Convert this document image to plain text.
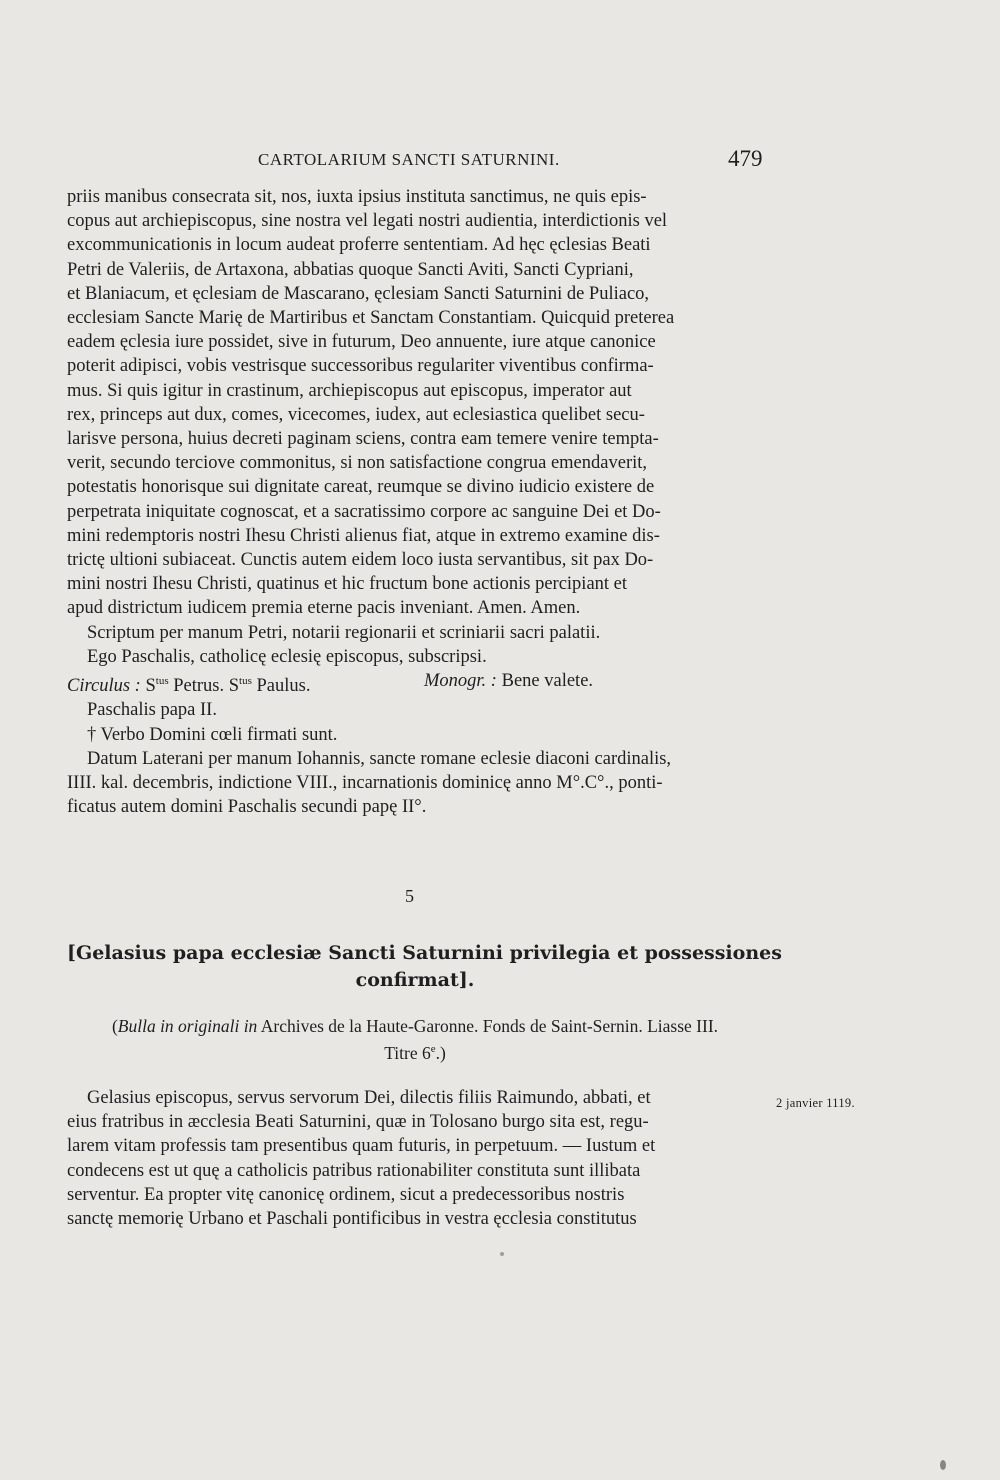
CARTOLARIUM SANCTI SATURNINI.	479
priis manibus consecrata sit, nos, iuxta ipsius instituta sanctimus, ne quis epis-
copus aut archiepiscopus, sine nostra vel legati nostri audientia, interdictionis vel
excommunicationis in locum audeat proferre sententiam. Ad hęc ęclesias Beati
Petri de Valeriis, de Artaxona, abbatias quoque Sancti Aviti, Sancti Cypriani,
et Blaniacum, et ęclesiam de Mascarano, ęclesiam Sancti Saturnini de Puliaco,
ecclesiam Sancte Marię de Martiribus et Sanctam Constantiam. Quicquid preterea
eadem ęclesia iure possidet, sive in futurum, Deo annuente, iure atque canonice
poterit adipisci, vobis vestrisque successoribus regulariter viventibus confirma-
mus. Si quis igitur in crastinum, archiepiscopus aut episcopus, imperator aut
rex, princeps aut dux, comes, vicecomes, iudex, aut eclesiastica quelibet secu-
larisve persona, huius decreti paginam sciens, contra eam temere venire tempta-
verit, secundo terciove commonitus, si non satisfactione congrua emendaverit,
potestatis honorisque sui dignitate careat, reumque se divino iudicio existere de
perpetrata iniquitate cognoscat, et a sacratissimo corpore ac sanguine Dei et Do-
mini redemptoris nostri Ihesu Christi alienus fiat, atque in extremo examine dis-
trictę ultioni subiaceat. Cunctis autem eidem loco iusta servantibus, sit pax Do-
mini nostri Ihesu Christi, quatinus et hic fructum bone actionis percipiant et
apud districtum iudicem premia eterne pacis inveniant. Amen. Amen.
Scriptum per manum Petri, notarii regionarii et scriniarii sacri palatii.
Ego Paschalis, catholicę eclesię episcopus, subscripsi.
Circulus : $S^{tus}$ Petrus. $S^{tus}$ Paulus.	Monogr. : Bene valete.
Paschalis papa II.
† Verbo Domini cœli firmati sunt.
Datum Laterani per manum Iohannis, sancte romane eclesie diaconi cardinalis,
IIII. kal. decembris, indictione VIII., incarnationis dominicę anno M°.C°., ponti-
ficatus autem domini Paschalis secundi papę II°.
5
[Gelasius papa ecclesiæ Sancti Saturnini privilegia et possessiones
confirmat].
(Bulla in originali in Archives de la Haute-Garonne. Fonds de Saint-Sernin. Liasse III.
Titre 6e.)
2 janvier 1119.
Gelasius episcopus, servus servorum Dei, dilectis filiis Raimundo, abbati, et
eius fratribus in æcclesia Beati Saturnini, quæ in Tolosano burgo sita est, regu-
larem vitam professis tam presentibus quam futuris, in perpetuum. — Iustum et
condecens est ut quę a catholicis patribus rationabiliter constituta sunt illibata
serventur. Ea propter vitę canonicę ordinem, sicut a predecessoribus nostris
sanctę memorię Urbano et Paschali pontificibus in vestra ęcclesia constitutus
